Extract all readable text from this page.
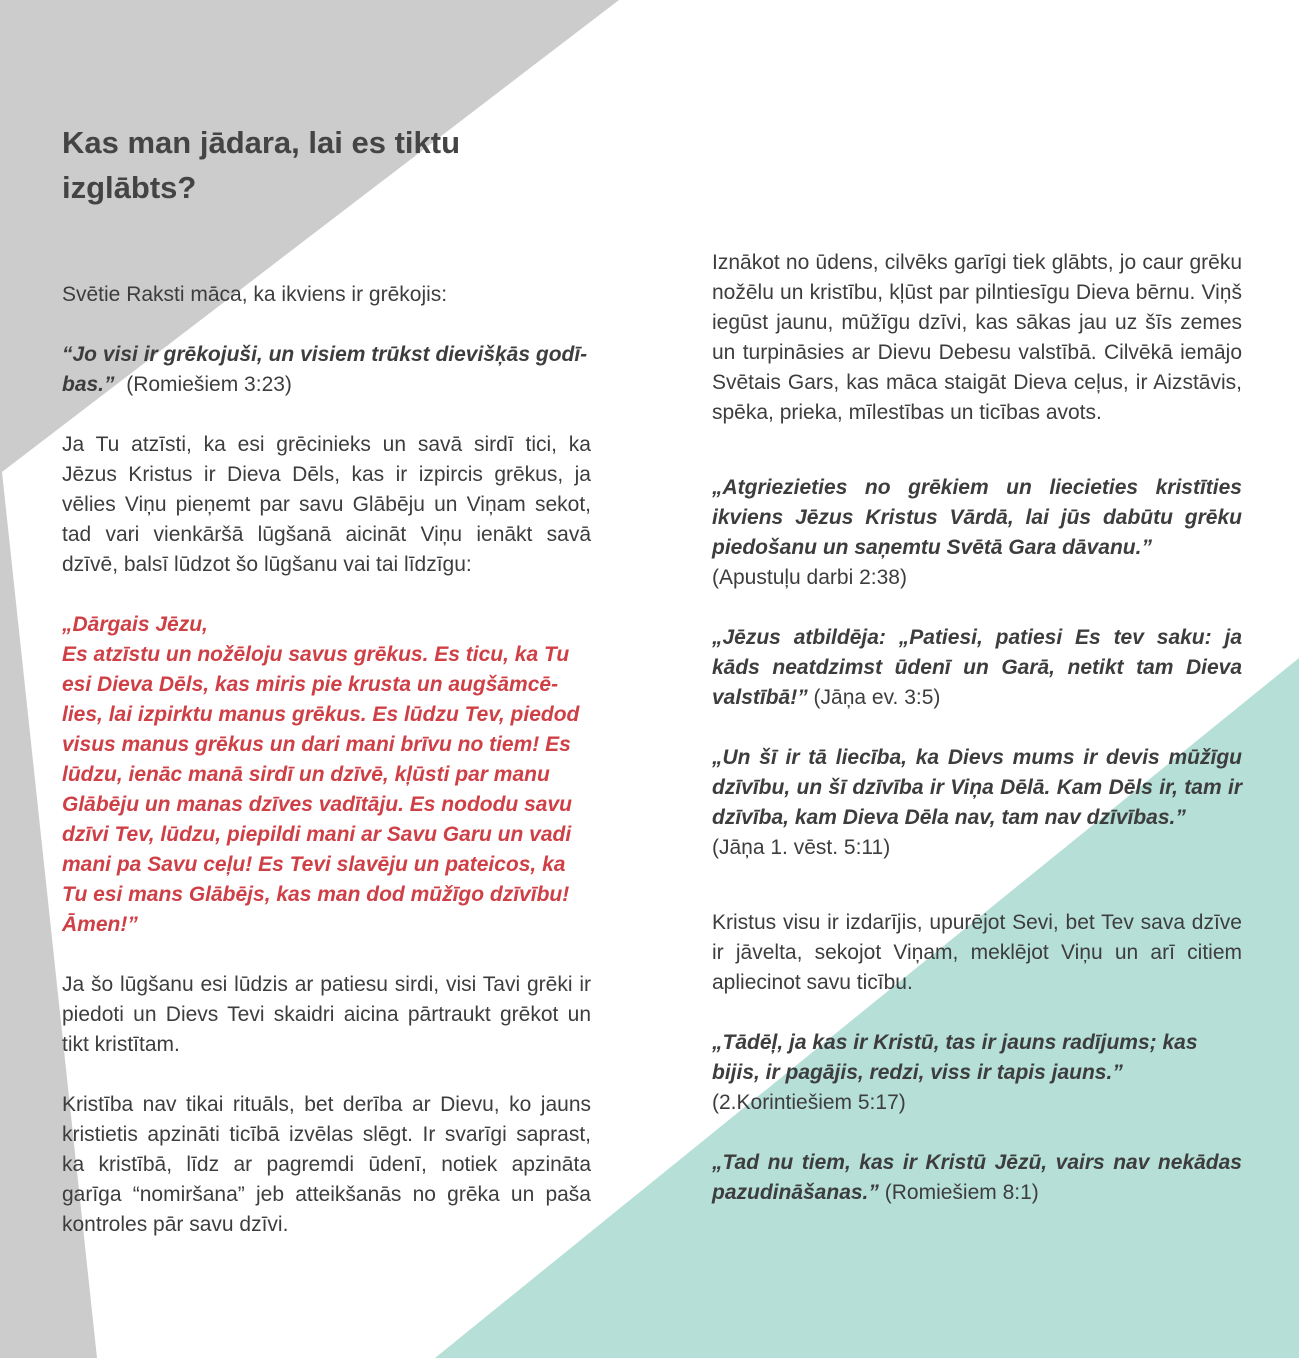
Kas man jādara, lai es tiktu izglābts?

Svētie Raksti māca, ka ikviens ir grēkojis:

“Jo visi ir grēkojuši, un visiem trūkst dievišķās godī-bas.” (Romiešiem 3:23)

Ja Tu atzīsti, ka esi grēcinieks un savā sirdī tici, ka Jēzus Kristus ir Dieva Dēls, kas ir izpircis grēkus, ja vēlies Viņu pieņemt par savu Glābēju un Viņam sekot, tad vari vienkāršā lūgšanā aicināt Viņu ienākt savā dzīvē, balsī lūdzot šo lūgšanu vai tai līdzīgu:

„Dārgais Jēzu,
Es atzīstu un nožēloju savus grēkus. Es ticu, ka Tu esi Dieva Dēls, kas miris pie krusta un augšāmcē-lies, lai izpirktu manus grēkus. Es lūdzu Tev, piedod visus manus grēkus un dari mani brīvu no tiem! Es lūdzu, ienāc manā sirdī un dzīvē, kļūsti par manu Glābēju un manas dzīves vadītāju. Es nododu savu dzīvi Tev, lūdzu, piepildi mani ar Savu Garu un vadi mani pa Savu ceļu! Es Tevi slavēju un pateicos, ka Tu esi mans Glābējs, kas man dod mūžīgo dzīvību! Āmen!”

Ja šo lūgšanu esi lūdzis ar patiesu sirdi, visi Tavi grēki ir piedoti un Dievs Tevi skaidri aicina pārtraukt grēkot un tikt kristītam.

Kristība nav tikai rituāls, bet derība ar Dievu, ko jauns kristietis apzināti ticībā izvēlas slēgt. Ir svarīgi saprast, ka kristībā, līdz ar pagremdi ūdenī, notiek apzināta garīga “nomiršana” jeb atteikšanās no grēka un paša kontroles pār savu dzīvi.

Iznākot no ūdens, cilvēks garīgi tiek glābts, jo caur grēku nožēlu un kristību, kļūst par pilntiesīgu Dieva bērnu. Viņš iegūst jaunu, mūžīgu dzīvi, kas sākas jau uz šīs zemes un turpināsies ar Dievu Debesu valstībā. Cilvēkā iemājo Svētais Gars, kas māca staigāt Dieva ceļus, ir Aizstāvis, spēka, prieka, mīlestības un ticības avots.

„Atgriezieties no grēkiem un liecieties kristīties ikviens Jēzus Kristus Vārdā, lai jūs dabūtu grēku piedošanu un saņemtu Svētā Gara dāvanu.”
(Apustuļu darbi 2:38)

„Jēzus atbildēja: „Patiesi, patiesi Es tev saku: ja kāds neatdzimst ūdenī un Garā, netikt tam Dieva valstībā!” (Jāņa ev. 3:5)

„Un šī ir tā liecība, ka Dievs mums ir devis mūžīgu dzīvību, un šī dzīvība ir Viņa Dēlā. Kam Dēls ir, tam ir dzīvība, kam Dieva Dēla nav, tam nav dzīvības.”
(Jāņa 1. vēst. 5:11)

Kristus visu ir izdarījis, upurējot Sevi, bet Tev sava dzīve ir jāvelta, sekojot Viņam, meklējot Viņu un arī citiem apliecinot savu ticību.

„Tādēļ, ja kas ir Kristū, tas ir jauns radījums; kas bijis, ir pagājis, redzi, viss ir tapis jauns.”
(2.Korintiešiem 5:17)

„Tad nu tiem, kas ir Kristū Jēzū, vairs nav nekādas pazudināšanas.” (Romiešiem 8:1)
